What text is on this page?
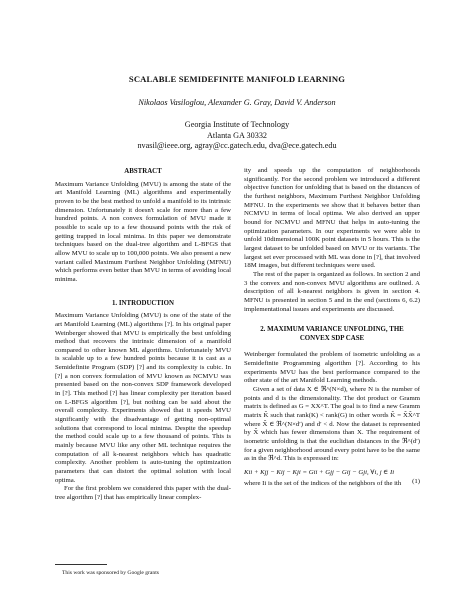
SCALABLE SEMIDEFINITE MANIFOLD LEARNING
Nikolaos Vasiloglou, Alexander G. Gray, David V. Anderson
Georgia Institute of Technology
Atlanta GA 30332
nvasil@ieee.org, agray@cc.gatech.edu, dva@ece.gatech.edu
ABSTRACT

Maximum Variance Unfolding (MVU) is among the state of the art Manifold Learning (ML) algorithms and experimentally proven to be the best method to unfold a manifold to its intrinsic dimension. Unfortunately it doesn't scale for more than a few hundred points. A non convex formulation of MVU made it possible to scale up to a few thousand points with the risk of getting trapped in local minima. In this paper we demonstrate techniques based on the dual-tree algorithm and L-BFGS that allow MVU to scale up to 100,000 points. We also present a new variant called Maximum Furthest Neighbor Unfolding (MFNU) which performs even better than MVU in terms of avoiding local minima.

1. INTRODUCTION

Maximum Variance Unfolding (MVU) is one of the state of the art Manifold Learning (ML) algorithms [?]. In his original paper Weinberger showed that MVU is empirically the best unfolding method that recovers the intrinsic dimension of a manifold compared to other known ML algorithms. Unfortunately MVU is scalable up to a few hundred points because it is cast as a Semidefinite Program (SDP) [?] and its complexity is cubic. In [?] a non convex formulation of MVU known as NCMVU was presented based on the non-convex SDP framework developed in [?]. This method [?] has linear complexity per iteration based on L-BFGS algorithm [?], but nothing can be said about the overall complexity. Experiments showed that it speeds MVU significantly with the disadvantage of getting non-optimal solutions that correspond to local minima. Despite the speedup the method could scale up to a few thousand of points. This is mainly because MVU like any other ML technique requires the computation of all k-nearest neighbors which has quadratic complexity. Another problem is auto-tuning the optimization parameters that can distort the optimal solution with local optima.

For the first problem we considered this paper with the dual-tree algorithm [?] that has empirically linear complex-

ity and speeds up the computation of neighborhoods significantly. For the second problem we introduced a different objective function for unfolding that is based on the distances of the furthest neighbors, Maximum Furthest Neighbor Unfolding MFNU. In the experiments we show that it behaves better than NCMVU in terms of local optima. We also derived an upper bound for NCMVU and MFNU that helps in auto-tuning the optimization parameters. In our experiments we were able to unfold 10dimensional 100K point datasets in 5 hours. This is the largest dataset to be unfolded based on MVU or its variants. The largest set ever processed with ML was done in [?], that involved 18M images, but different techniques were used.

The rest of the paper is organized as follows. In section 2 and 3 the convex and non-convex MVU algorithms are outlined. A description of all k-nearest neighbors is given in section 4. MFNU is presented in section 5 and in the end (sections 6, 6.2) implementational issues and experiments are discussed.

2. MAXIMUM VARIANCE UNFOLDING, THE
CONVEX SDP CASE

Weinberger formulated the problem of isometric unfolding as a Semidefinite Programming algorithm [?]. According to his experiments MVU has the best performance compared to the other state of the art Manifold Learning methods.

Given a set of data X ∈ ℜ^(N×d), where N is the number of points and d is the dimensionality. The dot product or Gramm matrix is defined as G = XX^T. The goal is to find a new Gramm matrix K̂ such that rank(K) < rank(G) in other words K̂ = X̂X̂^T where X̂ ∈ ℜ^(N×d′) and d′ < d. Now the dataset is represented by X̂ which has fewer dimensions than X. The requirement of isometric unfolding is that the euclidian distances in the ℜ^(d′) for a given neighborhood around every point have to be the same as in the ℜ^d. This is expressed in:

Kii + Kjj − Kij − Kji = Gii + Gjj − Gij − Gji, ∀i, j ∈ Ii
(1)

where Ii is the set of the indices of the neighbors of the ith

This work was sponsored by Google grants
